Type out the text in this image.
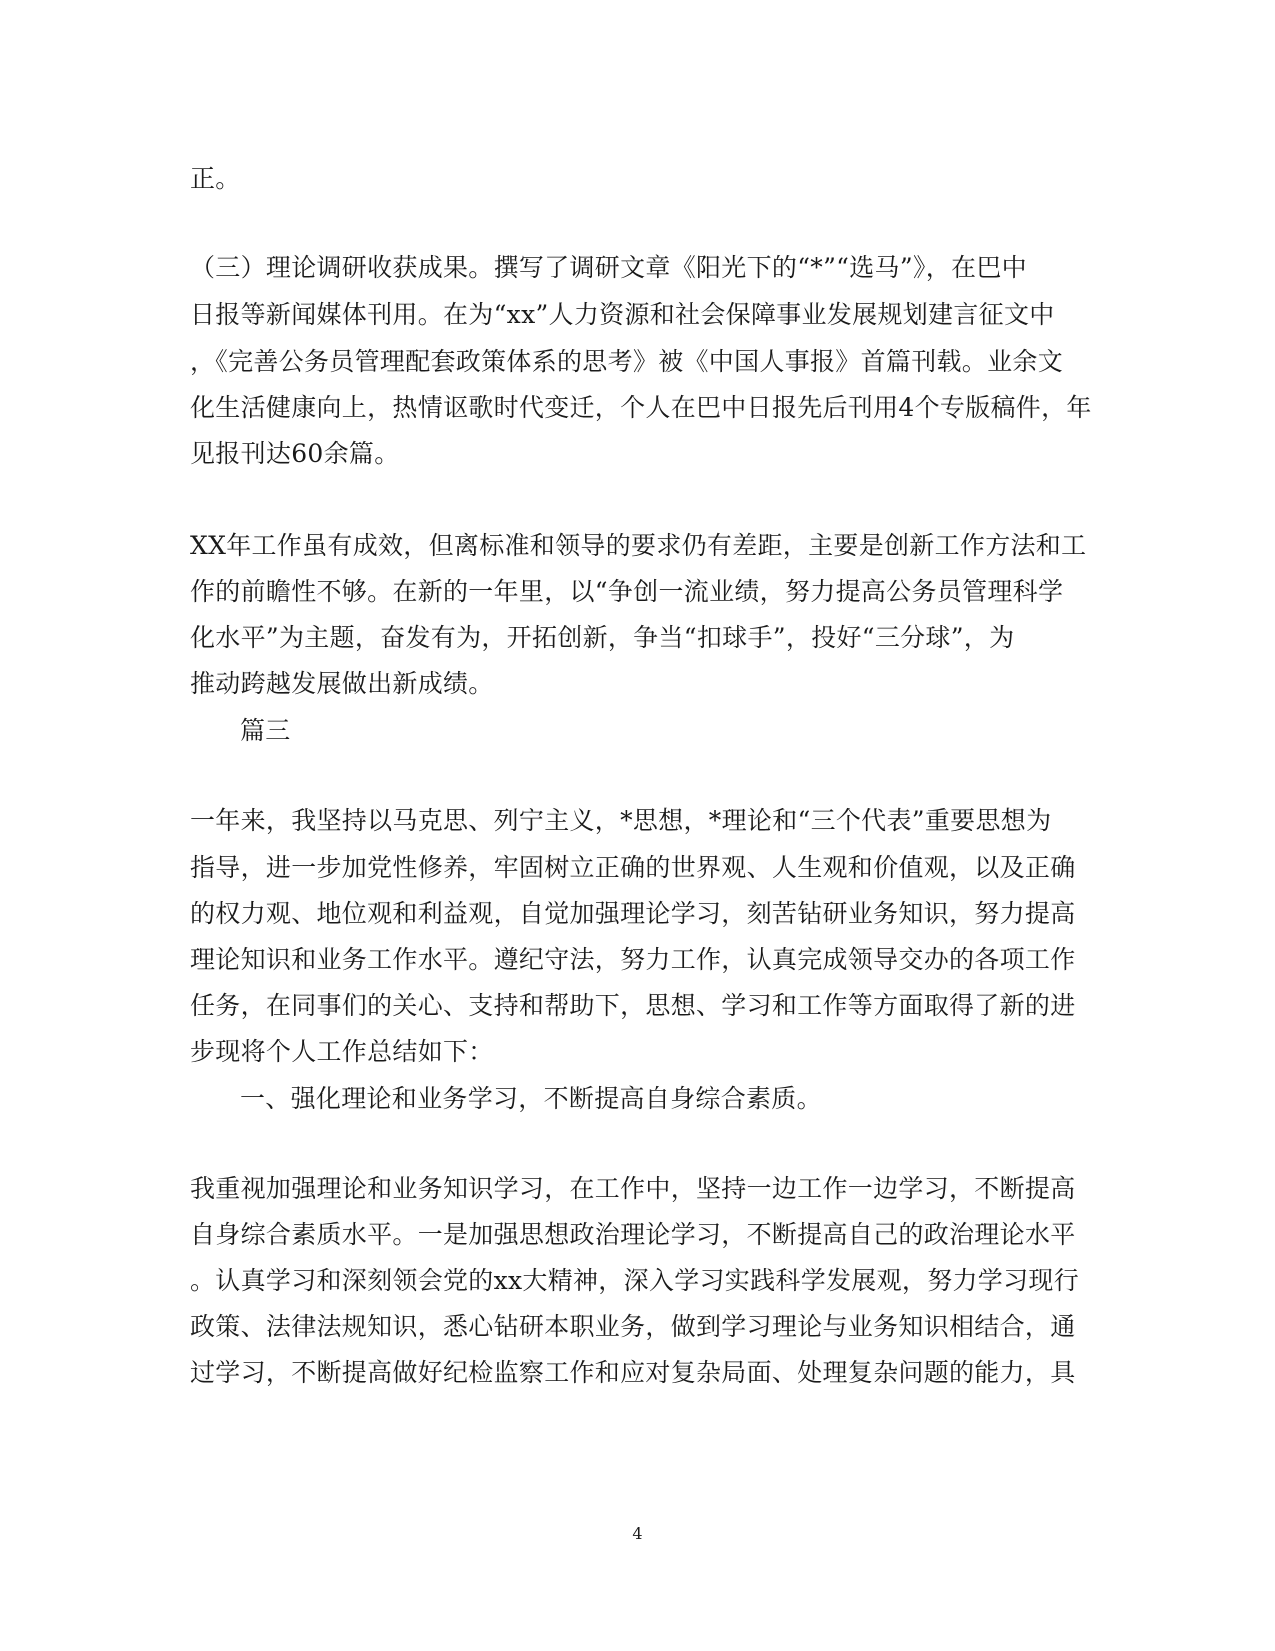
正。
（三）理论调研收获成果。撰写了调研文章《阳光下的“*”“选马”》，在巴中
日报等新闻媒体刊用。在为“xx”人力资源和社会保障事业发展规划建言征文中
，《完善公务员管理配套政策体系的思考》被《中国人事报》首篇刊载。业余文
化生活健康向上，热情讴歌时代变迁，个人在巴中日报先后刊用4个专版稿件，年
见报刊达60余篇。
XX年工作虽有成效，但离标准和领导的要求仍有差距，主要是创新工作方法和工
作的前瞻性不够。在新的一年里，以“争创一流业绩，努力提高公务员管理科学
化水平”为主题，奋发有为，开拓创新，争当“扣球手”，投好“三分球”，为
推动跨越发展做出新成绩。
篇三
一年来，我坚持以马克思、列宁主义，*思想，*理论和“三个代表”重要思想为
指导，进一步加党性修养，牢固树立正确的世界观、人生观和价值观，以及正确
的权力观、地位观和利益观，自觉加强理论学习，刻苦钻研业务知识，努力提高
理论知识和业务工作水平。遵纪守法，努力工作，认真完成领导交办的各项工作
任务，在同事们的关心、支持和帮助下，思想、学习和工作等方面取得了新的进
步现将个人工作总结如下：
一、强化理论和业务学习，不断提高自身综合素质。
我重视加强理论和业务知识学习，在工作中，坚持一边工作一边学习，不断提高
自身综合素质水平。一是加强思想政治理论学习，不断提高自己的政治理论水平
。认真学习和深刻领会党的xx大精神，深入学习实践科学发展观，努力学习现行
政策、法律法规知识，悉心钻研本职业务，做到学习理论与业务知识相结合，通
过学习，不断提高做好纪检监察工作和应对复杂局面、处理复杂问题的能力，具
4
